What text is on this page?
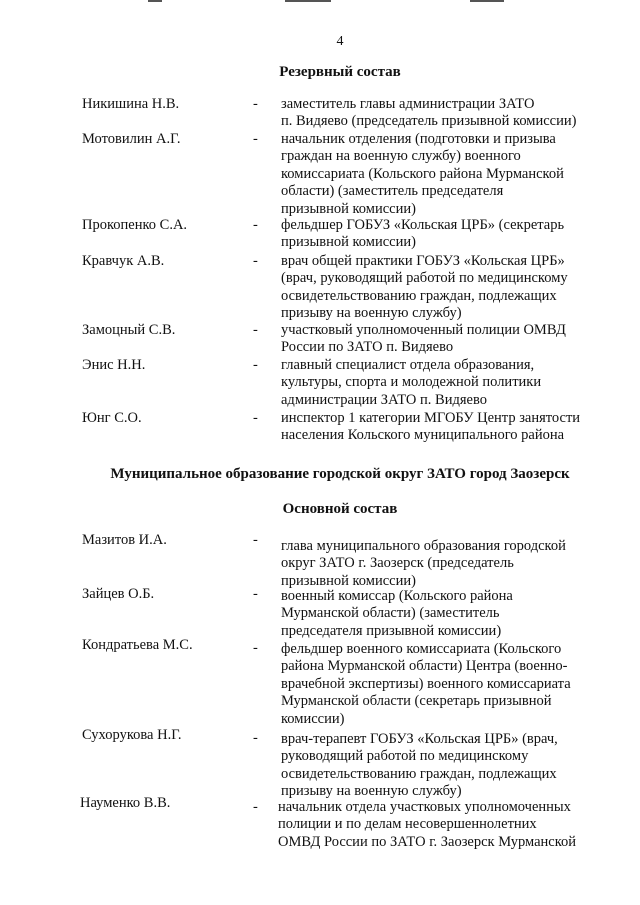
4
Резервный состав
Никишина Н.В.	- заместитель главы администрации ЗАТО
п. Видяево (председатель призывной комиссии)
Мотовилин А.Г.	- начальник отделения (подготовки и призыва
граждан на военную службу) военного
комиссариата (Кольского района Мурманской
области) (заместитель председателя
призывной комиссии)
Прокопенко С.А.	- фельдшер ГОБУЗ «Кольская ЦРБ» (секретарь
призывной комиссии)
Кравчук А.В.	- врач общей практики ГОБУЗ «Кольская ЦРБ»
(врач, руководящий работой по медицинскому
освидетельствованию граждан, подлежащих
призыву на военную службу)
Замоцный С.В.	- участковый уполномоченный полиции ОМВД
России по ЗАТО п. Видяево
Энис Н.Н.	- главный специалист отдела образования,
культуры, спорта и молодежной политики
администрации ЗАТО п. Видяево
Юнг С.О.	- инспектор 1 категории МГОБУ Центр занятости
населения Кольского муниципального района
Муниципальное образование городской округ ЗАТО город Заозерск
Основной состав
Мазитов И.А.	- глава муниципального образования городской
округ ЗАТО г. Заозерск (председатель
призывной комиссии)
Зайцев О.Б.	- военный комиссар (Кольского района
Мурманской области) (заместитель
председателя призывной комиссии)
Кондратьева М.С.	- фельдшер военного комиссариата (Кольского
района Мурманской области) Центра (военно-
врачебной экспертизы) военного комиссариата
Мурманской области (секретарь призывной
комиссии)
Сухорукова Н.Г.	- врач-терапевт ГОБУЗ «Кольская ЦРБ» (врач,
руководящий работой по медицинскому
освидетельствованию граждан, подлежащих
призыву на военную службу)
Науменко В.В.	- начальник отдела участковых уполномоченных
полиции и по делам несовершеннолетних
ОМВД России по ЗАТО г. Заозерск Мурманской
